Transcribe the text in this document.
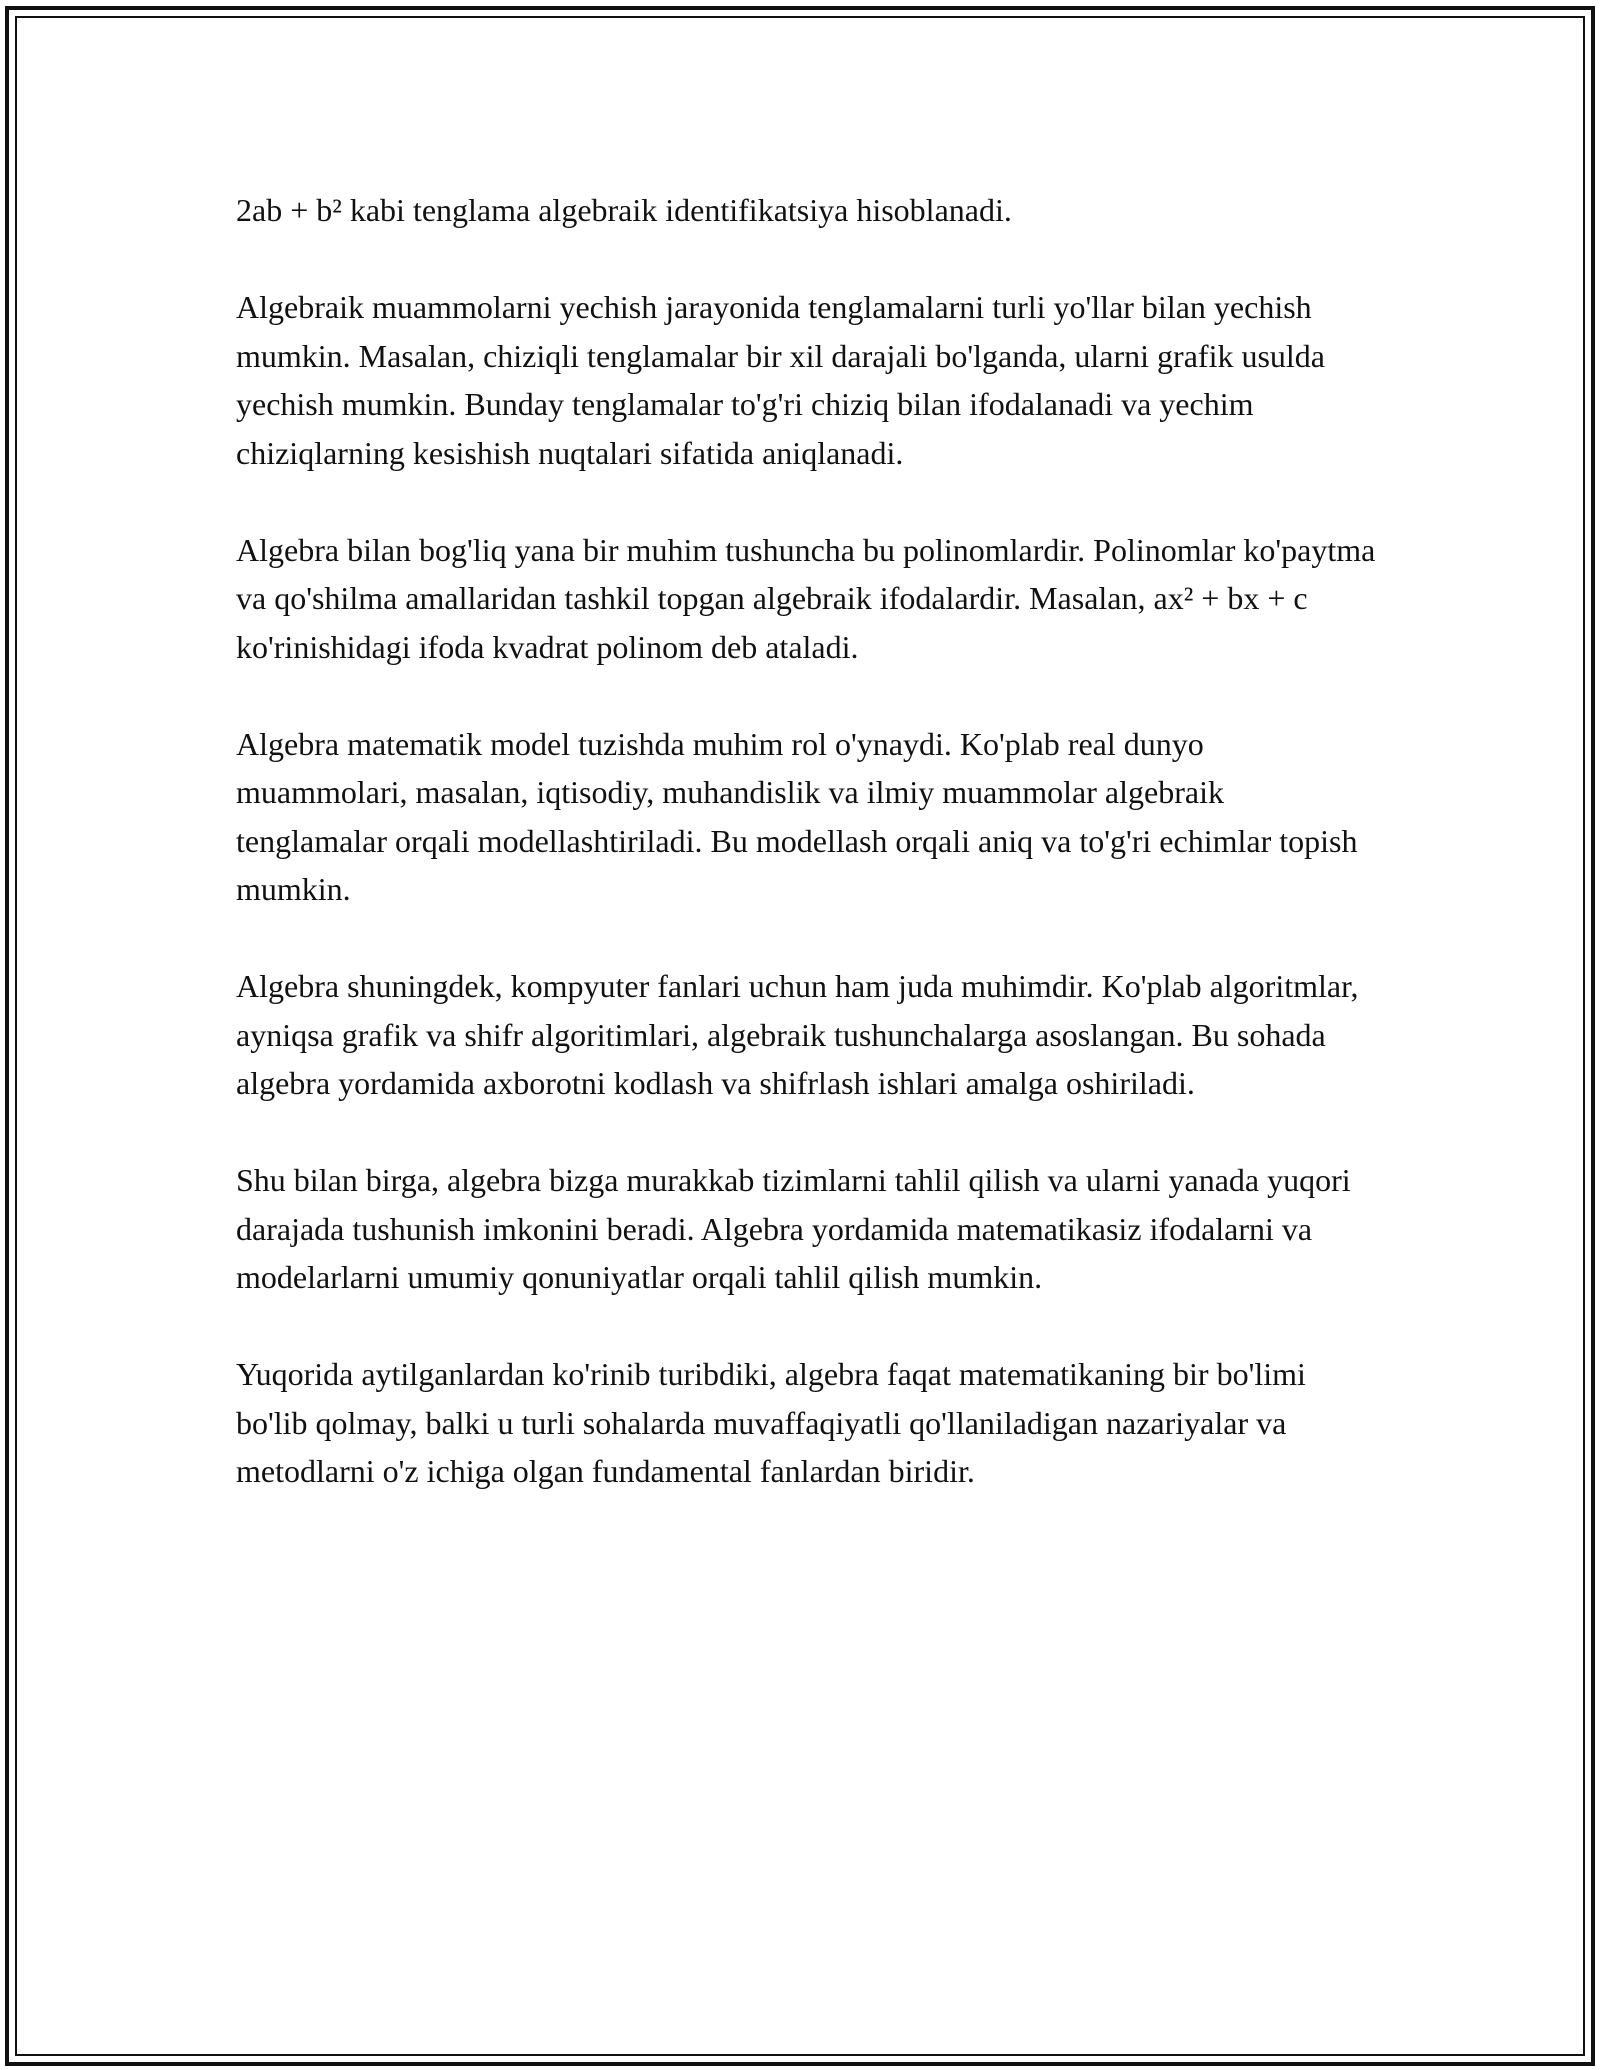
2ab + b² kabi tenglama algebraik identifikatsiya hisoblanadi.

Algebraik muammolarni yechish jarayonida tenglamalarni turli yo'llar bilan yechish mumkin. Masalan, chiziqli tenglamalar bir xil darajali bo'lganda, ularni grafik usulda yechish mumkin. Bunday tenglamalar to'g'ri chiziq bilan ifodalanadi va yechim chiziqlarning kesishish nuqtalari sifatida aniqlanadi.

Algebra bilan bog'liq yana bir muhim tushuncha bu polinomlardir. Polinomlar ko'paytma va qo'shilma amallaridan tashkil topgan algebraik ifodalardir. Masalan, ax² + bx + c ko'rinishidagi ifoda kvadrat polinom deb ataladi.

Algebra matematik model tuzishda muhim rol o'ynaydi. Ko'plab real dunyo muammolari, masalan, iqtisodiy, muhandislik va ilmiy muammolar algebraik tenglamalar orqali modellashtiriladi. Bu modellash orqali aniq va to'g'ri echimlar topish mumkin.

Algebra shuningdek, kompyuter fanlari uchun ham juda muhimdir. Ko'plab algoritmlar, ayniqsa grafik va shifr algoritimlari, algebraik tushunchalarga asoslangan. Bu sohada algebra yordamida axborotni kodlash va shifrlash ishlari amalga oshiriladi.

Shu bilan birga, algebra bizga murakkab tizimlarni tahlil qilish va ularni yanada yuqori darajada tushunish imkonini beradi. Algebra yordamida matematikasiz ifodalarni va modelarlarni umumiy qonuniyatlar orqali tahlil qilish mumkin.

Yuqorida aytilganlardan ko'rinib turibdiki, algebra faqat matematikaning bir bo'limi bo'lib qolmay, balki u turli sohalarda muvaffaqiyatli qo'llaniladigan nazariyalar va metodlarni o'z ichiga olgan fundamental fanlardan biridir.
